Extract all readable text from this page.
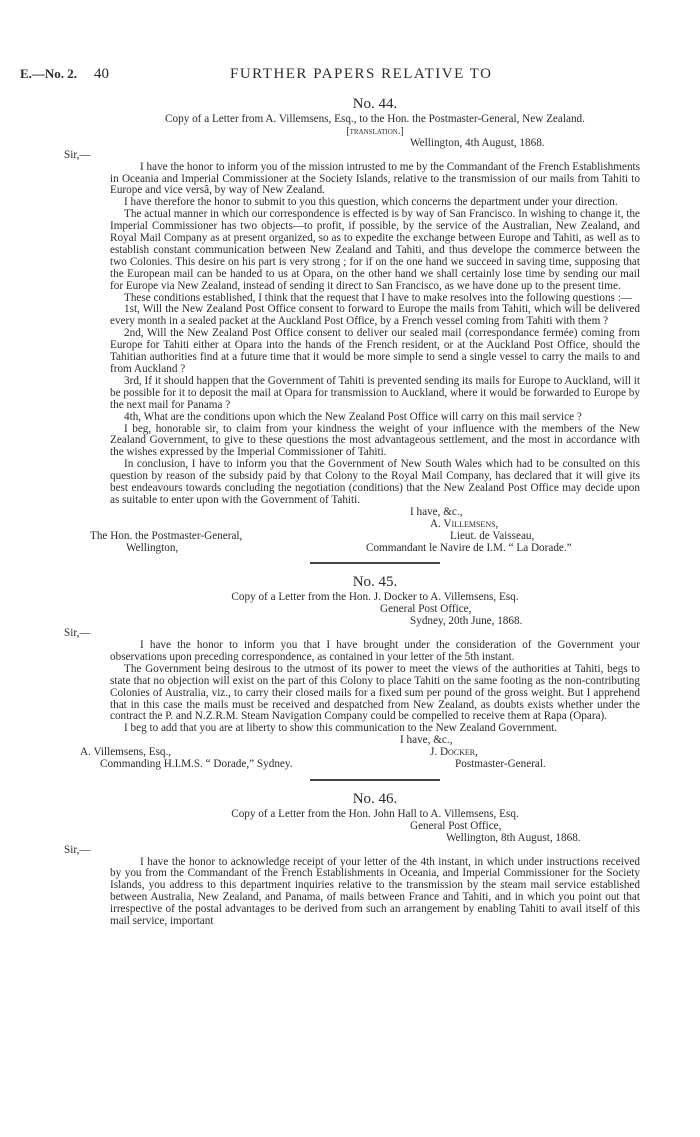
E.—No. 2. 40	FURTHER PAPERS RELATIVE TO

No. 44.

Copy of a Letter from A. Villemsens, Esq., to the Hon. the Postmaster-General, New Zealand.

[translation.]

Wellington, 4th August, 1868.

Sir,—

I have the honor to inform you of the mission intrusted to me by the Commandant of the French Establishments in Oceania and Imperial Commissioner at the Society Islands, relative to the transmission of our mails from Tahiti to Europe and vice versâ, by way of New Zealand.

I have therefore the honor to submit to you this question, which concerns the department under your direction.

The actual manner in which our correspondence is effected is by way of San Francisco. In wishing to change it, the Imperial Commissioner has two objects—to profit, if possible, by the service of the Australian, New Zealand, and Royal Mail Company as at present organized, so as to expedite the exchange between Europe and Tahiti, as well as to establish constant communication between New Zealand and Tahiti, and thus develope the commerce between the two Colonies. This desire on his part is very strong ; for if on the one hand we succeed in saving time, supposing that the European mail can be handed to us at Opara, on the other hand we shall certainly lose time by sending our mail for Europe via New Zealand, instead of sending it direct to San Francisco, as we have done up to the present time.

These conditions established, I think that the request that I have to make resolves into the following questions :—

1st, Will the New Zealand Post Office consent to forward to Europe the mails from Tahiti, which will be delivered every month in a sealed packet at the Auckland Post Office, by a French vessel coming from Tahiti with them ?

2nd, Will the New Zealand Post Office consent to deliver our sealed mail (correspondance fermée) coming from Europe for Tahiti either at Opara into the hands of the French resident, or at the Auckland Post Office, should the Tahitian authorities find at a future time that it would be more simple to send a single vessel to carry the mails to and from Auckland ?

3rd, If it should happen that the Government of Tahiti is prevented sending its mails for Europe to Auckland, will it be possible for it to deposit the mail at Opara for transmission to Auckland, where it would be forwarded to Europe by the next mail for Panama ?

4th, What are the conditions upon which the New Zealand Post Office will carry on this mail service ?

I beg, honorable sir, to claim from your kindness the weight of your influence with the members of the New Zealand Government, to give to these questions the most advantageous settlement, and the most in accordance with the wishes expressed by the Imperial Commissioner of Tahiti.

In conclusion, I have to inform you that the Government of New South Wales which had to be consulted on this question by reason of the subsidy paid by that Colony to the Royal Mail Company, has declared that it will give its best endeavours towards concluding the negotiation (conditions) that the New Zealand Post Office may decide upon as suitable to enter upon with the Government of Tahiti.

I have, &c.,

A. Villemsens,

The Hon. the Postmaster-General,	Lieut. de Vaisseau,

Wellington,	Commandant le Navire de I.M. “ La Dorade.”

No. 45.

Copy of a Letter from the Hon. J. Docker to A. Villemsens, Esq.

General Post Office,

Sydney, 20th June, 1868.

Sir,—

I have the honor to inform you that I have brought under the consideration of the Government your observations upon preceding correspondence, as contained in your letter of the 5th instant.

The Government being desirous to the utmost of its power to meet the views of the authorities at Tahiti, begs to state that no objection will exist on the part of this Colony to place Tahiti on the same footing as the non-contributing Colonies of Australia, viz., to carry their closed mails for a fixed sum per pound of the gross weight. But I apprehend that in this case the mails must be received and despatched from New Zealand, as doubts exists whether under the contract the P. and N.Z.R.M. Steam Navigation Company could be compelled to receive them at Rapa (Opara).

I beg to add that you are at liberty to show this communication to the New Zealand Government.

I have, &c.,

A. Villemsens, Esq.,	J. Docker,

Commanding H.I.M.S. “ Dorade,” Sydney.	Postmaster-General.

No. 46.

Copy of a Letter from the Hon. John Hall to A. Villemsens, Esq.

General Post Office,

Wellington, 8th August, 1868.

Sir,—

I have the honor to acknowledge receipt of your letter of the 4th instant, in which under instructions received by you from the Commandant of the French Establishments in Oceania, and Imperial Commissioner for the Society Islands, you address to this department inquiries relative to the transmission by the steam mail service established between Australia, New Zealand, and Panama, of mails between France and Tahiti, and in which you point out that irrespective of the postal advantages to be derived from such an arrangement by enabling Tahiti to avail itself of this mail service, important
